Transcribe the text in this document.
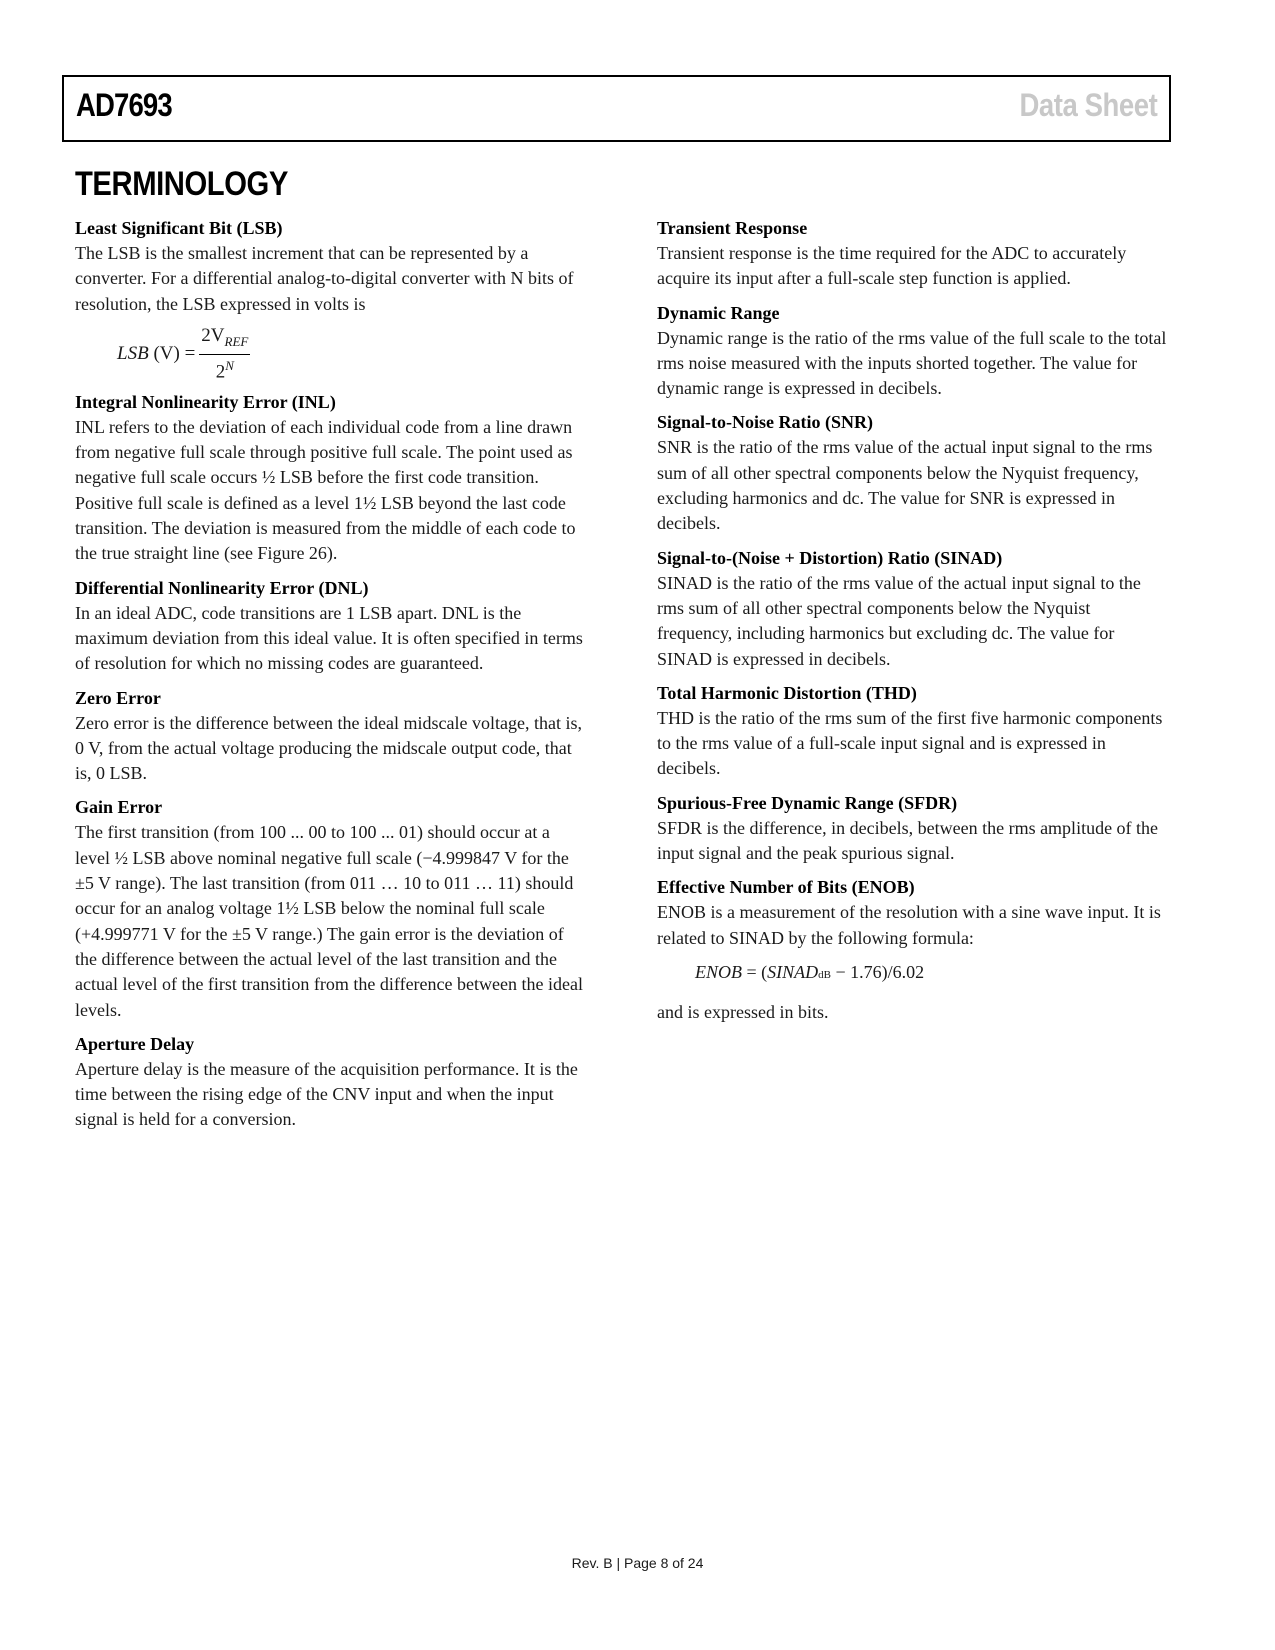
AD7693	Data Sheet
TERMINOLOGY

Least Significant Bit (LSB)

The LSB is the smallest increment that can be represented by a converter. For a differential analog-to-digital converter with N bits of resolution, the LSB expressed in volts is

LSB
$(V) = \frac{2V_{REF}}{2^N}$

Integral Nonlinearity Error (INL)

INL refers to the deviation of each individual code from a line drawn from negative full scale through positive full scale. The point used as negative full scale occurs ½ LSB before the first code transition. Positive full scale is defined as a level 1½ LSB beyond the last code transition. The deviation is measured from the middle of each code to the true straight line (see Figure 26).

Differential Nonlinearity Error (DNL)

In an ideal ADC, code transitions are 1 LSB apart. DNL is the maximum deviation from this ideal value. It is often specified in terms of resolution for which no missing codes are guaranteed.

Zero Error

Zero error is the difference between the ideal midscale voltage, that is, 0 V, from the actual voltage producing the midscale output code, that is, 0 LSB.

Gain Error

The first transition (from 100 ... 00 to 100 ... 01) should occur at a level ½ LSB above nominal negative full scale (−4.999847 V for the ±5 V range). The last transition (from 011 … 10 to 011 … 11) should occur for an analog voltage 1½ LSB below the nominal full scale (+4.999771 V for the ±5 V range.) The gain error is the deviation of the difference between the actual level of the last transition and the actual level of the first transition from the difference between the ideal levels.

Aperture Delay

Aperture delay is the measure of the acquisition performance. It is the time between the rising edge of the CNV input and when the input signal is held for a conversion.

Transient Response

Transient response is the time required for the ADC to accurately acquire its input after a full-scale step function is applied.

Dynamic Range

Dynamic range is the ratio of the rms value of the full scale to the total rms noise measured with the inputs shorted together. The value for dynamic range is expressed in decibels.

Signal-to-Noise Ratio (SNR)

SNR is the ratio of the rms value of the actual input signal to the rms sum of all other spectral components below the Nyquist frequency, excluding harmonics and dc. The value for SNR is expressed in decibels.

Signal-to-(Noise + Distortion) Ratio (SINAD)

SINAD is the ratio of the rms value of the actual input signal to the rms sum of all other spectral components below the Nyquist frequency, including harmonics but excluding dc. The value for SINAD is expressed in decibels.

Total Harmonic Distortion (THD)

THD is the ratio of the rms sum of the first five harmonic components to the rms value of a full-scale input signal and is expressed in decibels.

Spurious-Free Dynamic Range (SFDR)

SFDR is the difference, in decibels, between the rms amplitude of the input signal and the peak spurious signal.

Effective Number of Bits (ENOB)

ENOB is a measurement of the resolution with a sine wave input. It is related to SINAD by the following formula:

ENOB = (SINADdB − 1.76)/6.02

and is expressed in bits.

Rev. B | Page 8 of 24
